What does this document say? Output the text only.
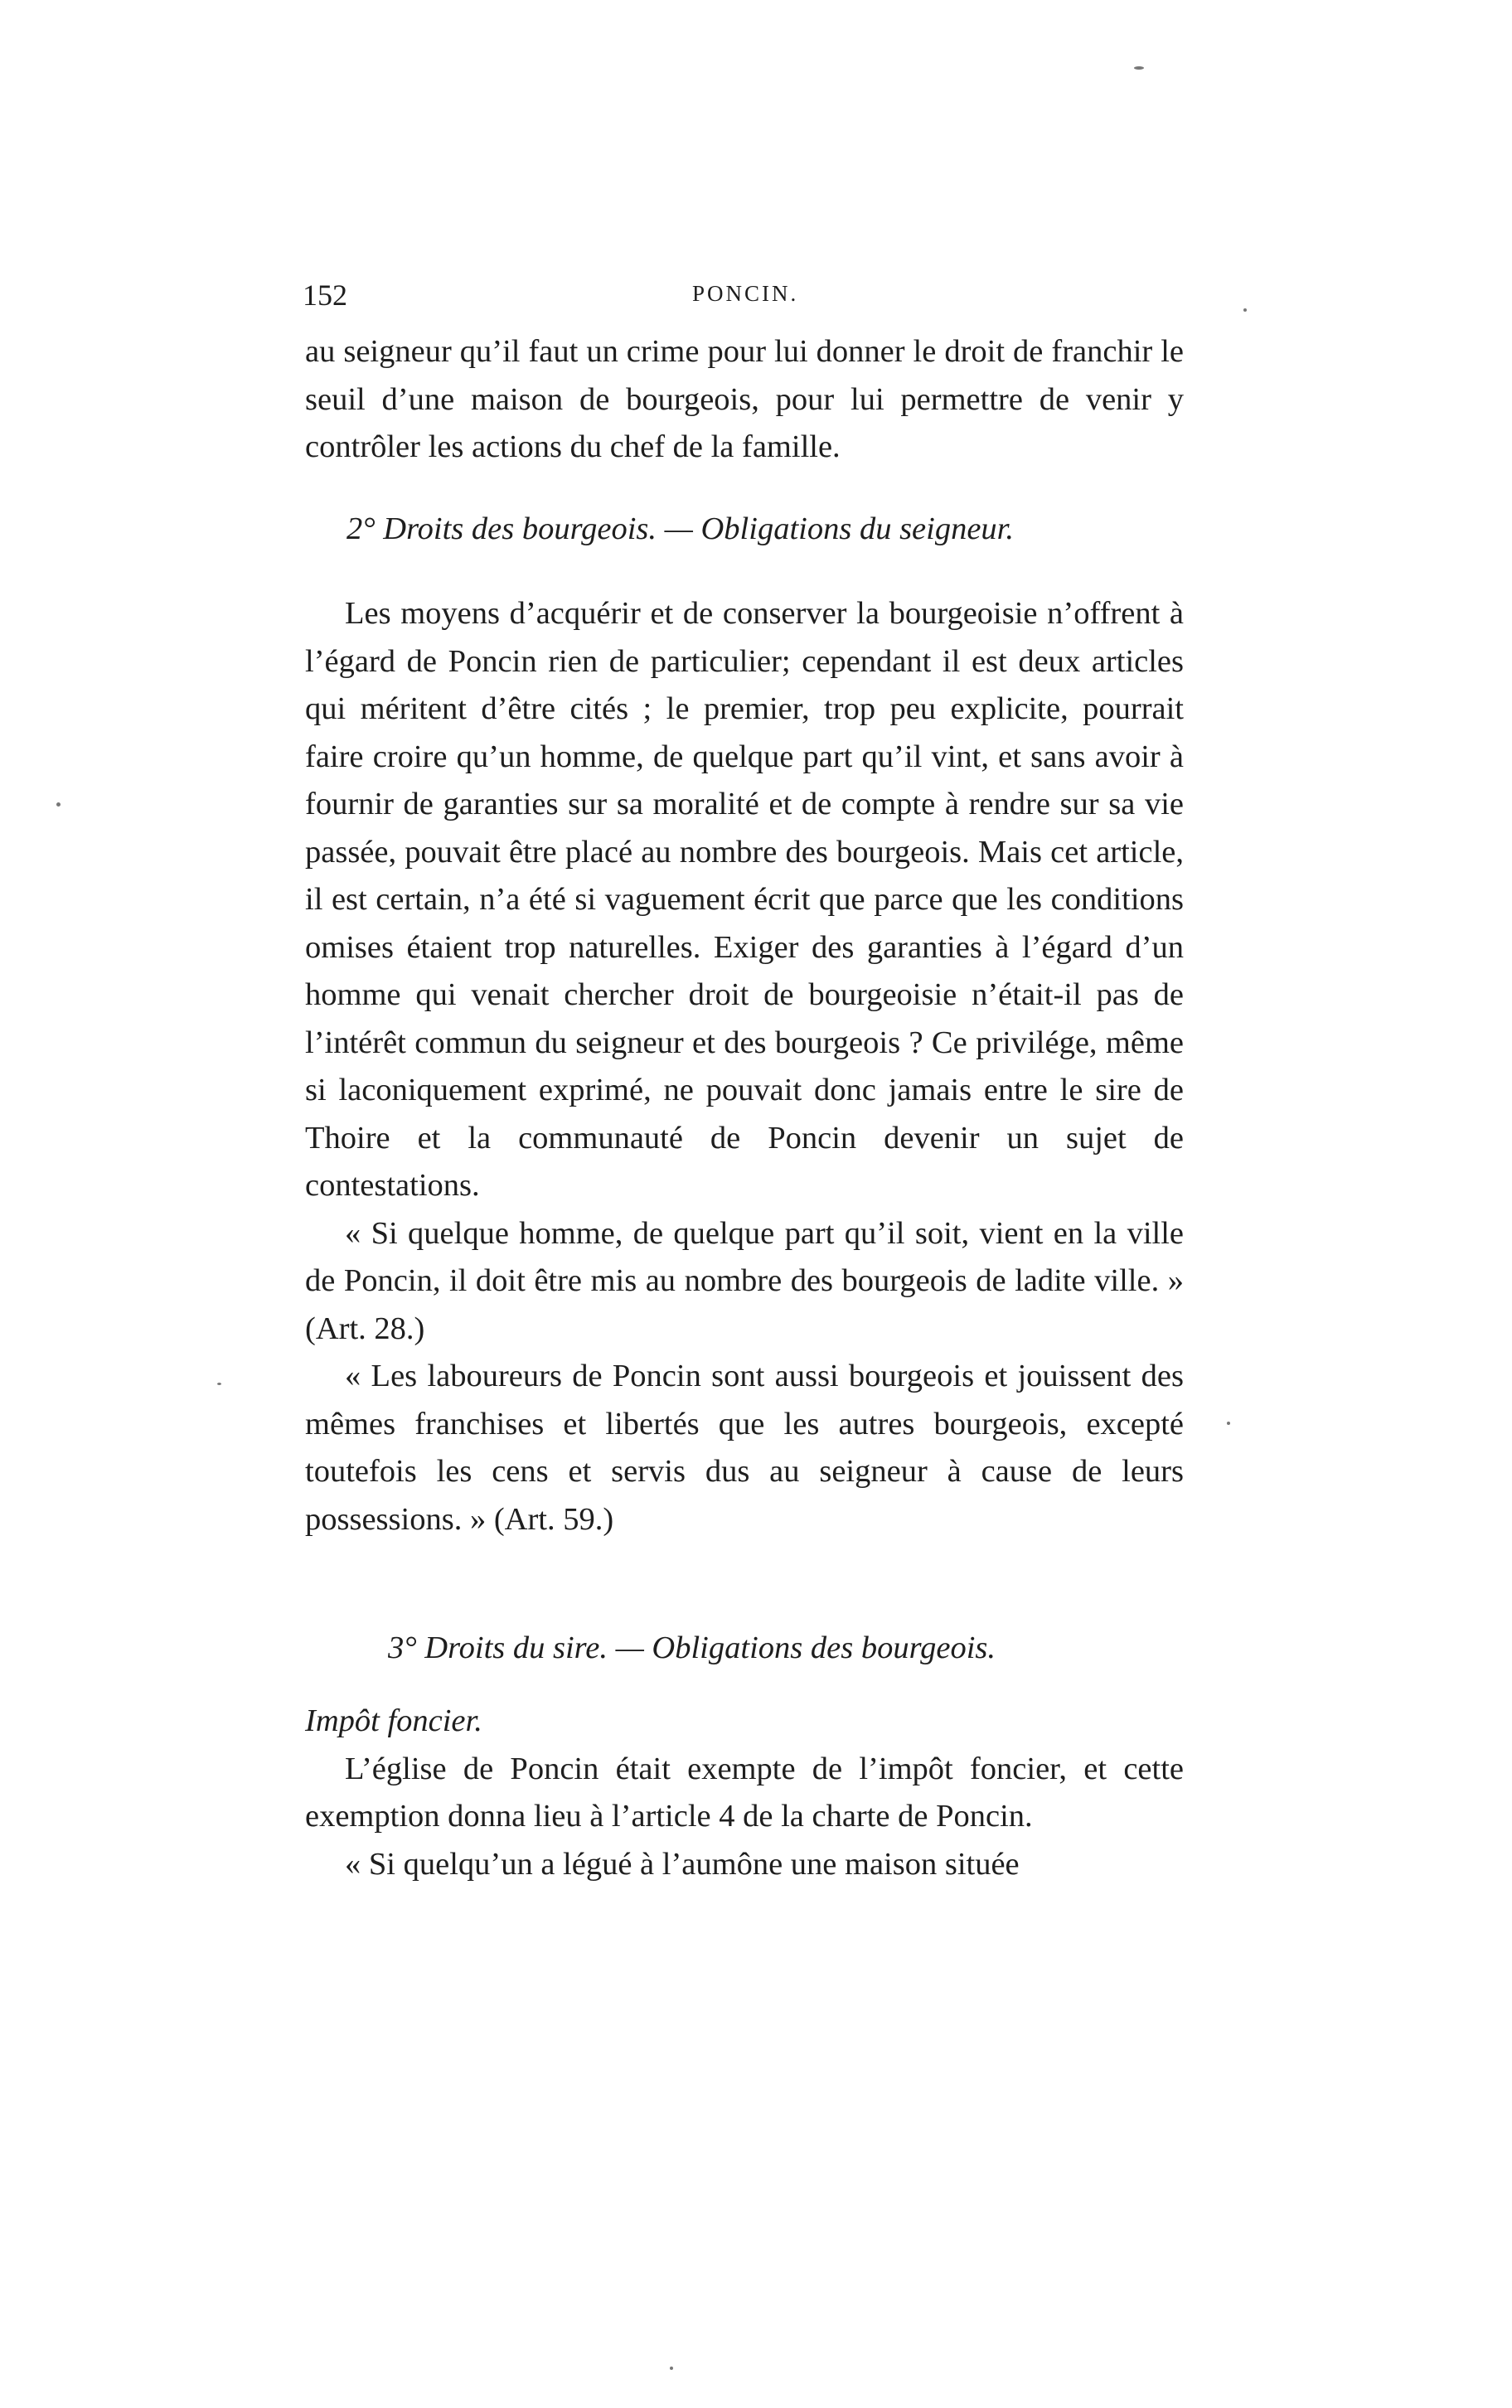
152	PONCIN.

au seigneur qu’il faut un crime pour lui donner le droit de franchir le seuil d’une maison de bourgeois, pour lui permettre de venir y contrôler les actions du chef de la famille.

2° Droits des bourgeois. — Obligations du seigneur.

Les moyens d’acquérir et de conserver la bourgeoisie n’offrent à l’égard de Poncin rien de particulier; cependant il est deux articles qui méritent d’être cités ; le premier, trop peu explicite, pourrait faire croire qu’un homme, de quelque part qu’il vint, et sans avoir à fournir de garanties sur sa moralité et de compte à rendre sur sa vie passée, pouvait être placé au nombre des bourgeois. Mais cet article, il est certain, n’a été si vaguement écrit que parce que les conditions omises étaient trop naturelles. Exiger des garanties à l’égard d’un homme qui venait chercher droit de bourgeoisie n’était-il pas de l’intérêt commun du seigneur et des bourgeois ? Ce privilége, même si laconiquement exprimé, ne pouvait donc jamais entre le sire de Thoire et la communauté de Poncin devenir un sujet de contestations.

« Si quelque homme, de quelque part qu’il soit, vient en la ville de Poncin, il doit être mis au nombre des bourgeois de ladite ville. » (Art. 28.)

« Les laboureurs de Poncin sont aussi bourgeois et jouissent des mêmes franchises et libertés que les autres bourgeois, excepté toutefois les cens et servis dus au seigneur à cause de leurs possessions. » (Art. 59.)

3° Droits du sire. — Obligations des bourgeois.

Impôt foncier.

L’église de Poncin était exempte de l’impôt foncier, et cette exemption donna lieu à l’article 4 de la charte de Poncin.

« Si quelqu’un a légué à l’aumône une maison située
